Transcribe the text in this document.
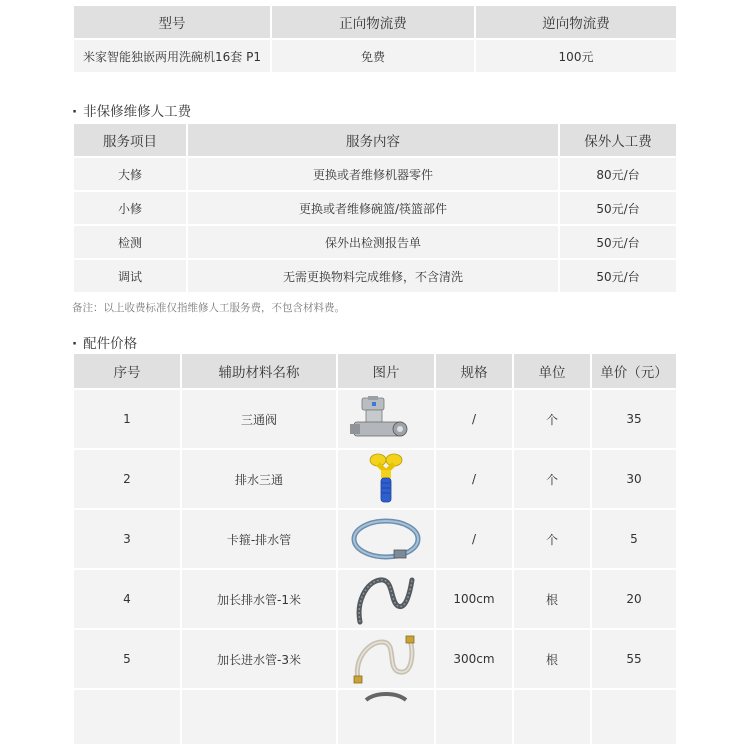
型号	正向物流费	逆向物流费
米家智能独嵌两用洗碗机16套 P1	免费	100元
· 非保修维修人工费
服务项目	服务内容	保外人工费
大修	更换或者维修机器零件	80元/台
小修	更换或者维修碗篮/筷篮部件	50元/台
检测	保外出检测报告单	50元/台
调试	无需更换物料完成维修，不含清洗	50元/台
备注：以上收费标准仅指维修人工服务费，不包含材料费。
· 配件价格
序号	辅助材料名称	图片	规格	单位	单价（元）
1	三通阀		/	个	35
2	排水三通		/	个	30
3	卡箍-排水管		/	个	5
4	加长排水管-1米		100cm	根	20
5	加长进水管-3米		300cm	根	55
